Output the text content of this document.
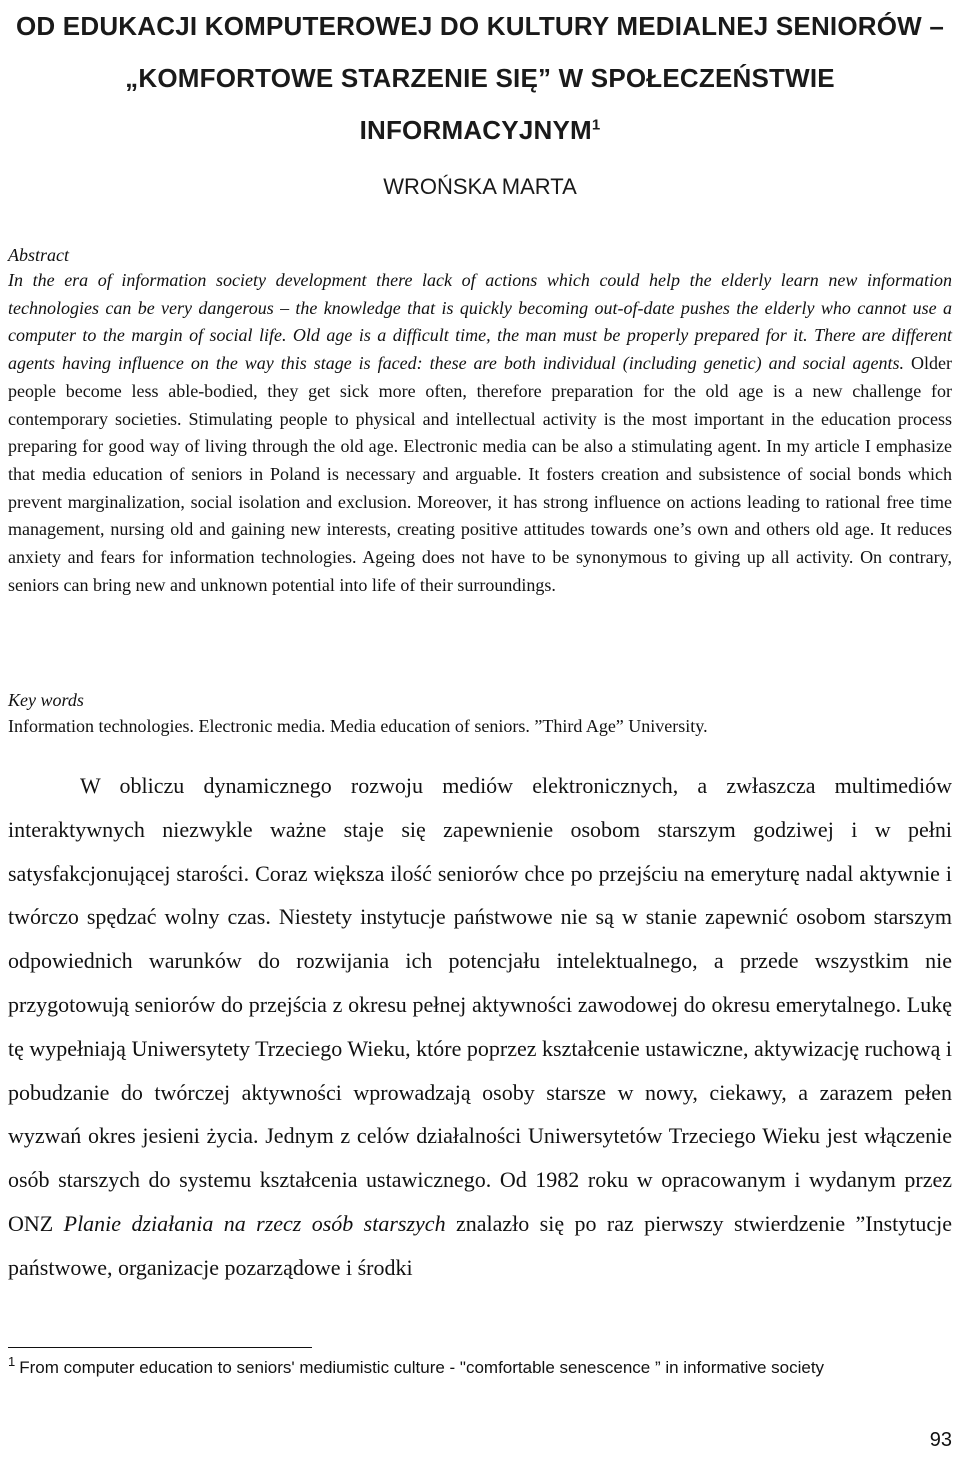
OD EDUKACJI KOMPUTEROWEJ DO KULTURY MEDIALNEJ SENIORÓW – „KOMFORTOWE STARZENIE SIĘ” W SPOŁECZEŃSTWIE INFORMACYJNYM$^1$
WROŃSKA MARTA
Abstract
In the era of information society development there lack of actions which could help the elderly learn new information technologies can be very dangerous – the knowledge that is quickly becoming out-of-date pushes the elderly who cannot use a computer to the margin of social life. Old age is a difficult time, the man must be properly prepared for it. There are different agents having influence on the way this stage is faced: these are both individual (including genetic) and social agents. Older people become less able-bodied, they get sick more often, therefore preparation for the old age is a new challenge for contemporary societies. Stimulating people to physical and intellectual activity is the most important in the education process preparing for good way of living through the old age. Electronic media can be also a stimulating agent. In my article I emphasize that media education of seniors in Poland is necessary and arguable. It fosters creation and subsistence of social bonds which prevent marginalization, social isolation and exclusion. Moreover, it has strong influence on actions leading to rational free time management, nursing old and gaining new interests, creating positive attitudes towards one’s own and others old age. It reduces anxiety and fears for information technologies. Ageing does not have to be synonymous to giving up all activity. On contrary, seniors can bring new and unknown potential into life of their surroundings.
Key words
Information technologies. Electronic media. Media education of seniors. ”Third Age” University.
W obliczu dynamicznego rozwoju mediów elektronicznych, a zwłaszcza multimediów interaktywnych niezwykle ważne staje się zapewnienie osobom starszym godziwej i w pełni satysfakcjonującej starości. Coraz większa ilość seniorów chce po przejściu na emeryturę nadal aktywnie i twórczo spędzać wolny czas. Niestety instytucje państwowe nie są w stanie zapewnić osobom starszym odpowiednich warunków do rozwijania ich potencjału intelektualnego, a przede wszystkim nie przygotowują seniorów do przejścia z okresu pełnej aktywności zawodowej do okresu emerytalnego. Lukę tę wypełniają Uniwersytety Trzeciego Wieku, które poprzez kształcenie ustawiczne, aktywizację ruchową i pobudzanie do twórczej aktywności wprowadzają osoby starsze w nowy, ciekawy, a zarazem pełen wyzwań okres jesieni życia. Jednym z celów działalności Uniwersytetów Trzeciego Wieku jest włączenie osób starszych do systemu kształcenia ustawicznego. Od 1982 roku w opracowanym i wydanym przez ONZ Planie działania na rzecz osób starszych znalazło się po raz pierwszy stwierdzenie ”Instytucje państwowe, organizacje pozarządowe i środki
$^1$ From computer education to seniors' mediumistic culture - "comfortable senescence ” in informative society
93
